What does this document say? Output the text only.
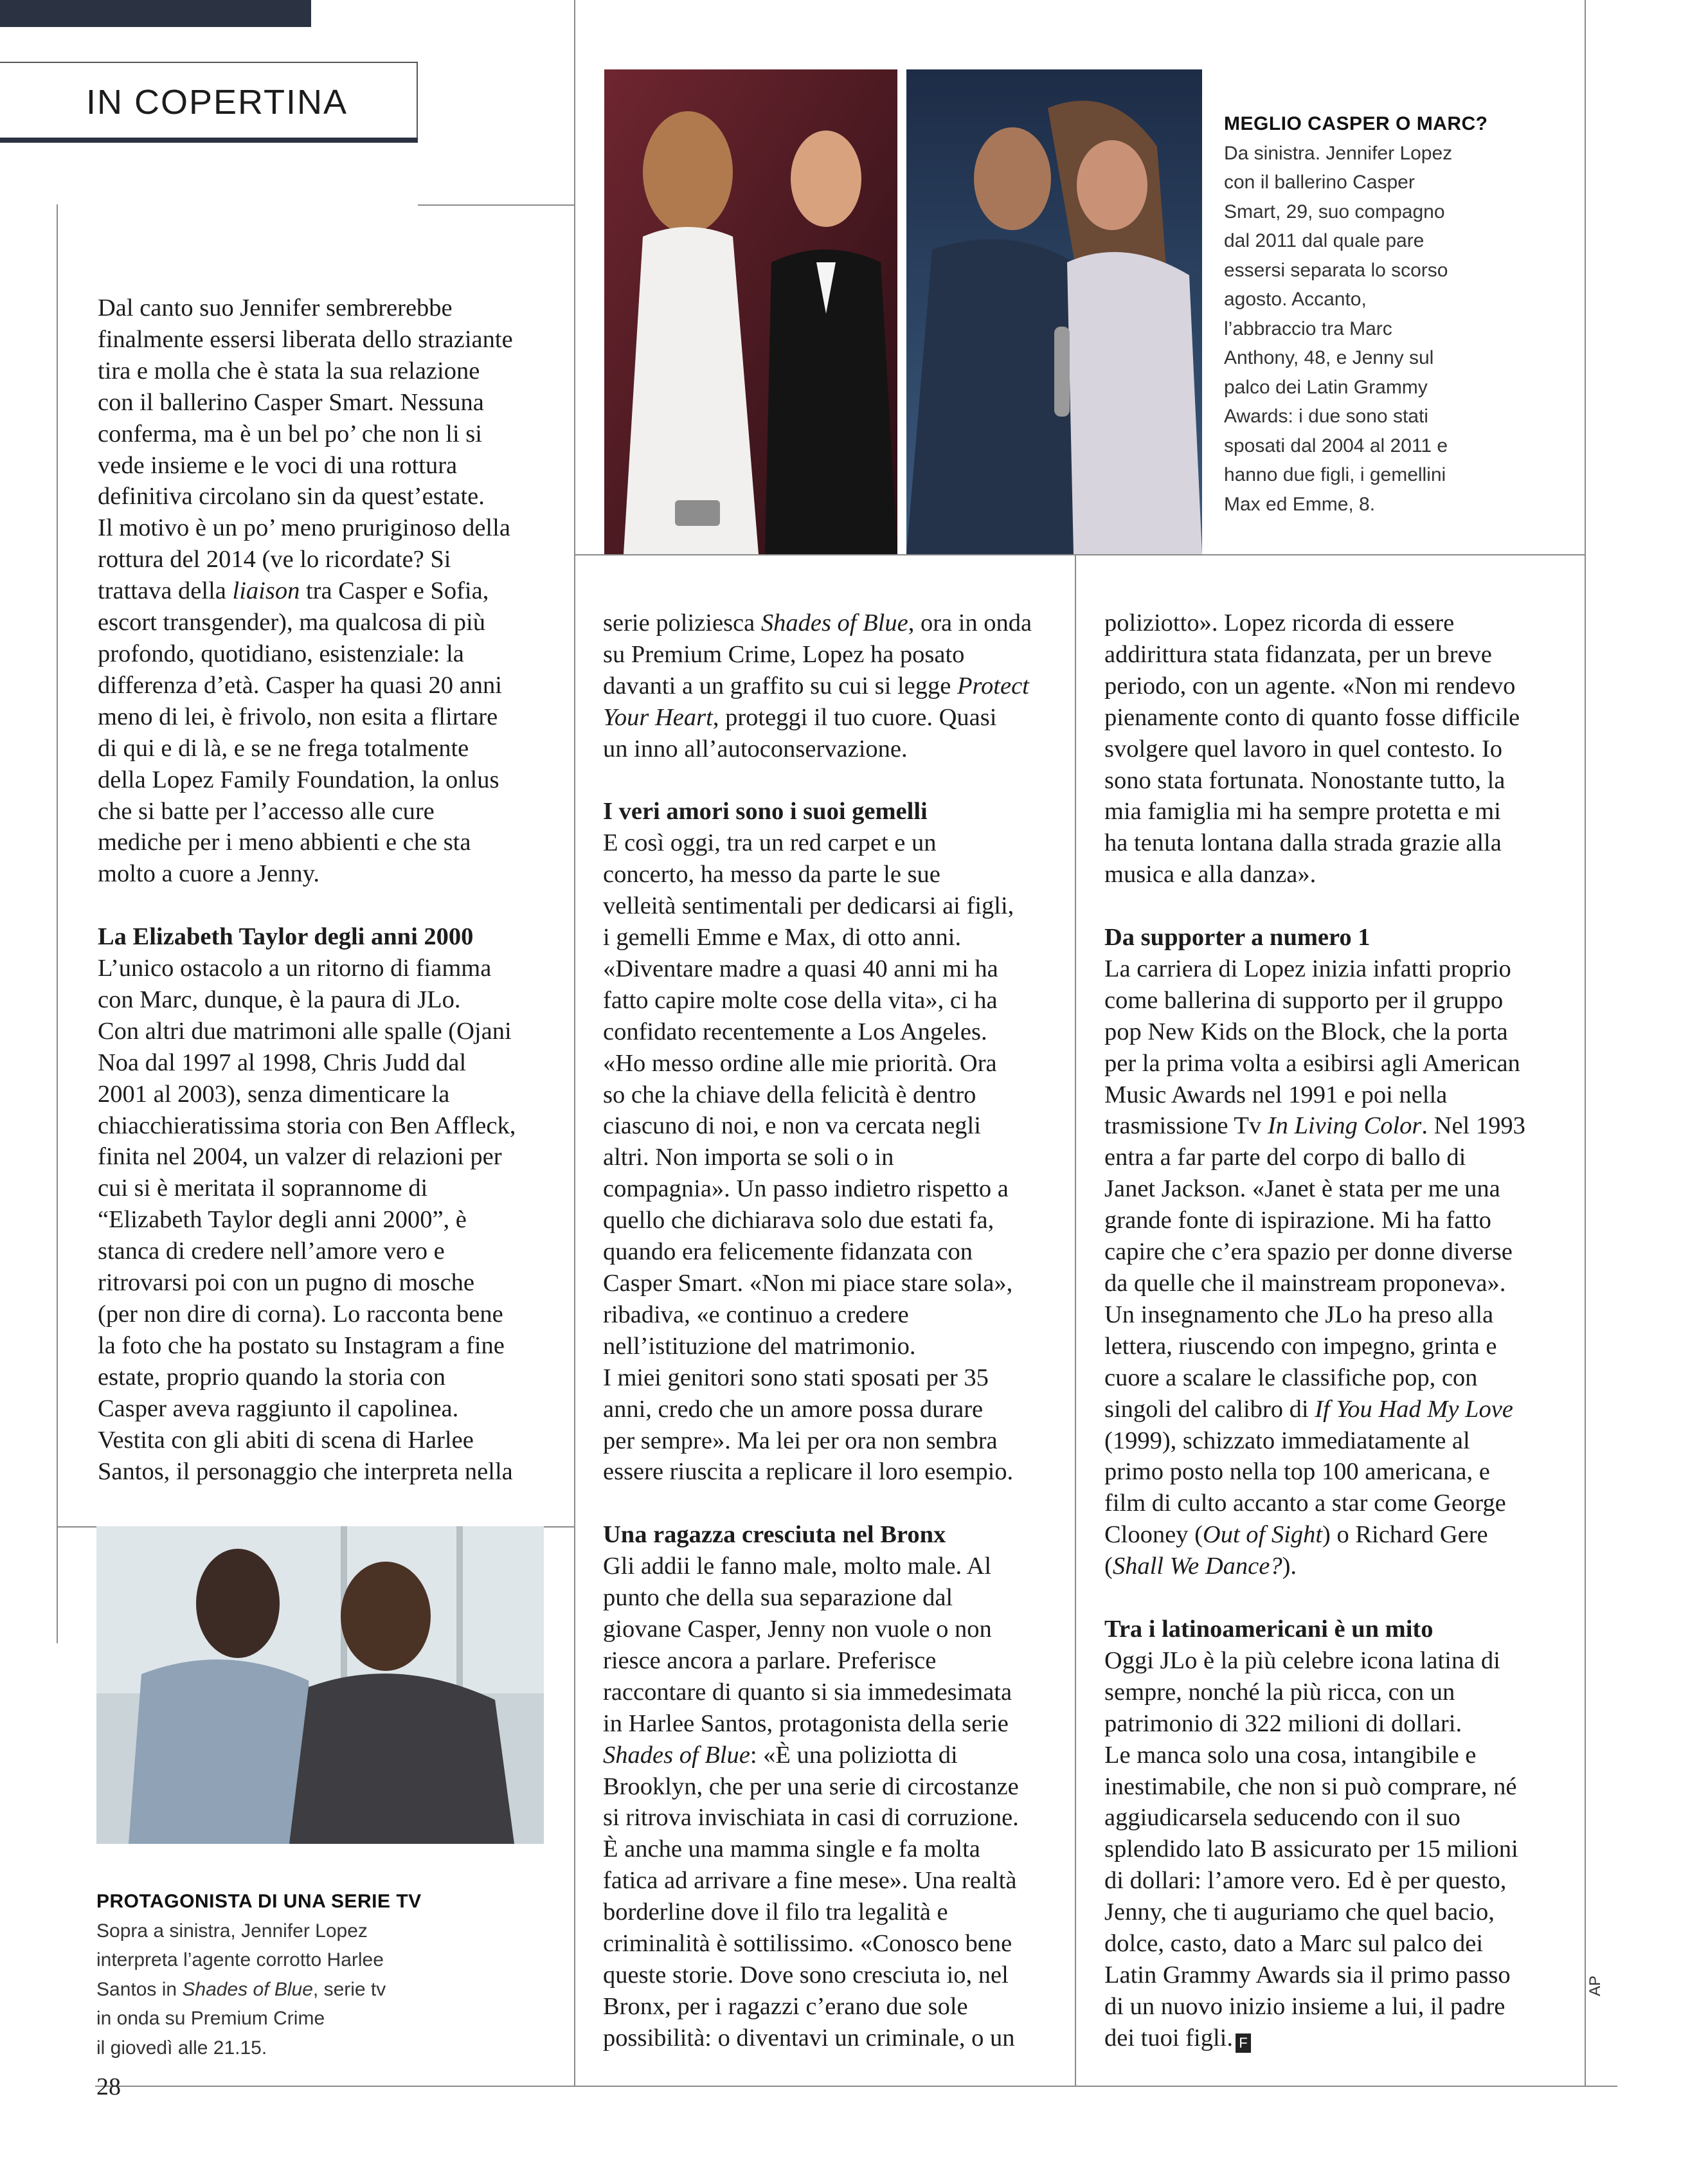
IN COPERTINA
MEGLIO CASPER O MARC?
Da sinistra. Jennifer Lopez
con il ballerino Casper
Smart, 29, suo compagno
dal 2011 dal quale pare
essersi separata lo scorso
agosto. Accanto,
l’abbraccio tra Marc
Anthony, 48, e Jenny sul
palco dei Latin Grammy
Awards: i due sono stati
sposati dal 2004 al 2011 e
hanno due figli, i gemellini
Max ed Emme, 8.
PROTAGONISTA DI UNA SERIE TV
Sopra a sinistra, Jennifer Lopez
interpreta l’agente corrotto Harlee
Santos in Shades of Blue, serie tv
in onda su Premium Crime
il giovedì alle 21.15.
Dal canto suo Jennifer sembrerebbe
finalmente essersi liberata dello straziante
tira e molla che è stata la sua relazione
con il ballerino Casper Smart. Nessuna
conferma, ma è un bel po’ che non li si
vede insieme e le voci di una rottura
definitiva circolano sin da quest’estate.
Il motivo è un po’ meno pruriginoso della
rottura del 2014 (ve lo ricordate? Si
trattava della liaison tra Casper e Sofia,
escort transgender), ma qualcosa di più
profondo, quotidiano, esistenziale: la
differenza d’età. Casper ha quasi 20 anni
meno di lei, è frivolo, non esita a flirtare
di qui e di là, e se ne frega totalmente
della Lopez Family Foundation, la onlus
che si batte per l’accesso alle cure
mediche per i meno abbienti e che sta
molto a cuore a Jenny.
La Elizabeth Taylor degli anni 2000
L’unico ostacolo a un ritorno di fiamma
con Marc, dunque, è la paura di JLo.
Con altri due matrimoni alle spalle (Ojani
Noa dal 1997 al 1998, Chris Judd dal
2001 al 2003), senza dimenticare la
chiacchieratissima storia con Ben Affleck,
finita nel 2004, un valzer di relazioni per
cui si è meritata il soprannome di
“Elizabeth Taylor degli anni 2000”, è
stanca di credere nell’amore vero e
ritrovarsi poi con un pugno di mosche
(per non dire di corna). Lo racconta bene
la foto che ha postato su Instagram a fine
estate, proprio quando la storia con
Casper aveva raggiunto il capolinea.
Vestita con gli abiti di scena di Harlee
Santos, il personaggio che interpreta nella
serie poliziesca Shades of Blue, ora in onda
su Premium Crime, Lopez ha posato
davanti a un graffito su cui si legge Protect
Your Heart, proteggi il tuo cuore. Quasi
un inno all’autoconservazione.
I veri amori sono i suoi gemelli
E così oggi, tra un red carpet e un
concerto, ha messo da parte le sue
velleità sentimentali per dedicarsi ai figli,
i gemelli Emme e Max, di otto anni.
«Diventare madre a quasi 40 anni mi ha
fatto capire molte cose della vita», ci ha
confidato recentemente a Los Angeles.
«Ho messo ordine alle mie priorità. Ora
so che la chiave della felicità è dentro
ciascuno di noi, e non va cercata negli
altri. Non importa se soli o in
compagnia». Un passo indietro rispetto a
quello che dichiarava solo due estati fa,
quando era felicemente fidanzata con
Casper Smart. «Non mi piace stare sola»,
ribadiva, «e continuo a credere
nell’istituzione del matrimonio.
I miei genitori sono stati sposati per 35
anni, credo che un amore possa durare
per sempre». Ma lei per ora non sembra
essere riuscita a replicare il loro esempio.
Una ragazza cresciuta nel Bronx
Gli addii le fanno male, molto male. Al
punto che della sua separazione dal
giovane Casper, Jenny non vuole o non
riesce ancora a parlare. Preferisce
raccontare di quanto si sia immedesimata
in Harlee Santos, protagonista della serie
Shades of Blue: «È una poliziotta di
Brooklyn, che per una serie di circostanze
si ritrova invischiata in casi di corruzione.
È anche una mamma single e fa molta
fatica ad arrivare a fine mese». Una realtà
borderline dove il filo tra legalità e
criminalità è sottilissimo. «Conosco bene
queste storie. Dove sono cresciuta io, nel
Bronx, per i ragazzi c’erano due sole
possibilità: o diventavi un criminale, o un
poliziotto». Lopez ricorda di essere
addirittura stata fidanzata, per un breve
periodo, con un agente. «Non mi rendevo
pienamente conto di quanto fosse difficile
svolgere quel lavoro in quel contesto. Io
sono stata fortunata. Nonostante tutto, la
mia famiglia mi ha sempre protetta e mi
ha tenuta lontana dalla strada grazie alla
musica e alla danza».
Da supporter a numero 1
La carriera di Lopez inizia infatti proprio
come ballerina di supporto per il gruppo
pop New Kids on the Block, che la porta
per la prima volta a esibirsi agli American
Music Awards nel 1991 e poi nella
trasmissione Tv In Living Color. Nel 1993
entra a far parte del corpo di ballo di
Janet Jackson. «Janet è stata per me una
grande fonte di ispirazione. Mi ha fatto
capire che c’era spazio per donne diverse
da quelle che il mainstream proponeva».
Un insegnamento che JLo ha preso alla
lettera, riuscendo con impegno, grinta e
cuore a scalare le classifiche pop, con
singoli del calibro di If You Had My Love
(1999), schizzato immediatamente al
primo posto nella top 100 americana, e
film di culto accanto a star come George
Clooney (Out of Sight) o Richard Gere
(Shall We Dance?).
Tra i latinoamericani è un mito
Oggi JLo è la più celebre icona latina di
sempre, nonché la più ricca, con un
patrimonio di 322 milioni di dollari.
Le manca solo una cosa, intangibile e
inestimabile, che non si può comprare, né
aggiudicarsela seducendo con il suo
splendido lato B assicurato per 15 milioni
di dollari: l’amore vero. Ed è per questo,
Jenny, che ti auguriamo che quel bacio,
dolce, casto, dato a Marc sul palco dei
Latin Grammy Awards sia il primo passo
di un nuovo inizio insieme a lui, il padre
dei tuoi figli. F
28
AP
